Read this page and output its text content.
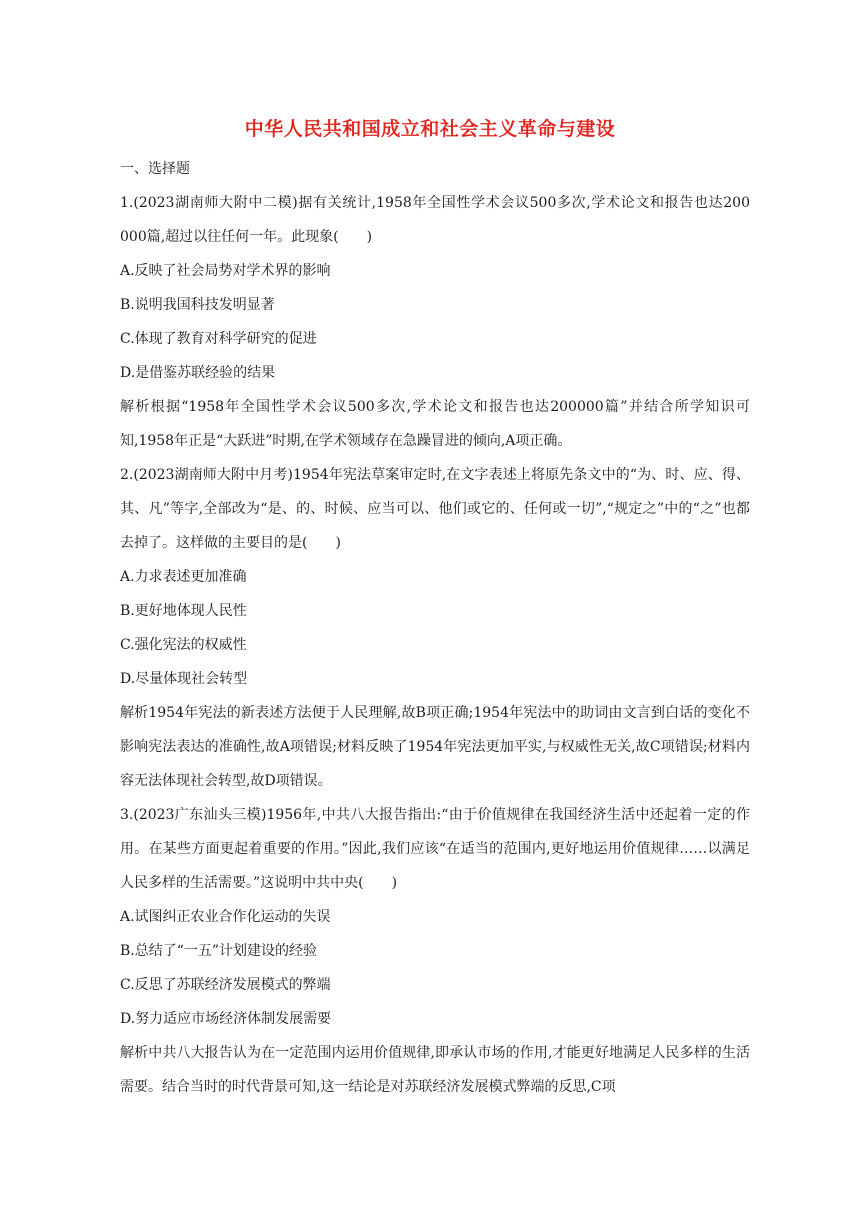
中华人民共和国成立和社会主义革命与建设

一、选择题

1.(2023湖南师大附中二模)据有关统计,1958年全国性学术会议500多次,学术论文和报告也达200 000篇,超过以往任何一年。此现象(　　)

A.反映了社会局势对学术界的影响

B.说明我国科技发明显著

C.体现了教育对科学研究的促进

D.是借鉴苏联经验的结果

解析根据“1958年全国性学术会议500多次,学术论文和报告也达200000篇”并结合所学知识可知,1958年正是“大跃进”时期,在学术领域存在急躁冒进的倾向,A项正确。

2.(2023湖南师大附中月考)1954年宪法草案审定时,在文字表述上将原先条文中的“为、时、应、得、其、凡”等字,全部改为“是、的、时候、应当可以、他们或它的、任何或一切”,“规定之”中的“之”也都去掉了。这样做的主要目的是(　　)

A.力求表述更加准确

B.更好地体现人民性

C.强化宪法的权威性

D.尽量体现社会转型

解析1954年宪法的新表述方法便于人民理解,故B项正确;1954年宪法中的助词由文言到白话的变化不影响宪法表达的准确性,故A项错误;材料反映了1954年宪法更加平实,与权威性无关,故C项错误;材料内容无法体现社会转型,故D项错误。

3.(2023广东汕头三模)1956年,中共八大报告指出:“由于价值规律在我国经济生活中还起着一定的作用。在某些方面更起着重要的作用。”因此,我们应该“在适当的范围内,更好地运用价值规律……以满足人民多样的生活需要。”这说明中共中央(　　)

A.试图纠正农业合作化运动的失误

B.总结了“一五”计划建设的经验

C.反思了苏联经济发展模式的弊端

D.努力适应市场经济体制发展需要

解析中共八大报告认为在一定范围内运用价值规律,即承认市场的作用,才能更好地满足人民多样的生活需要。结合当时的时代背景可知,这一结论是对苏联经济发展模式弊端的反思,C项
